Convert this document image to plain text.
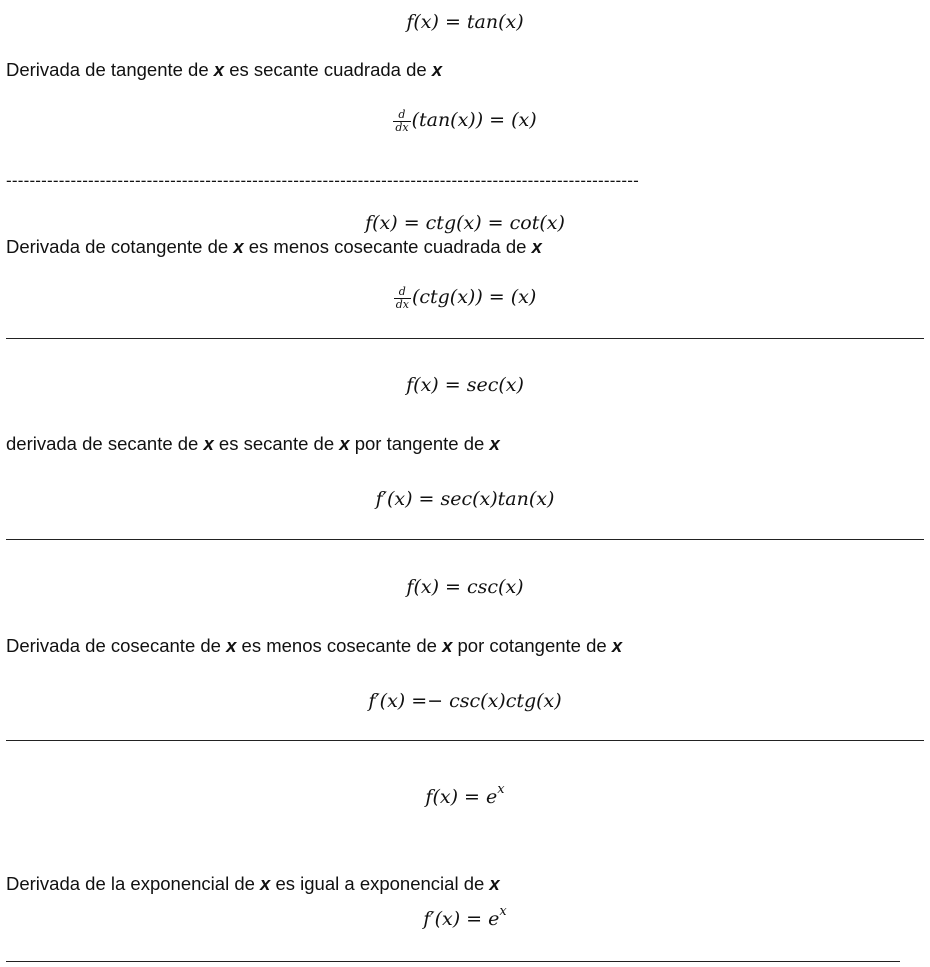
f(x) = tan(x)
Derivada de tangente de x es secante cuadrada de x
$\frac{d}{dx} (\tan(x)) = (x)$
------------------------------------------------------------------------------------------------------------
f(x) = ctg(x) = cot(x)
Derivada de cotangente de x es menos cosecante cuadrada de x
$\frac{d}{dx} (ctg(x)) = (x)$
f(x) = sec(x)
derivada de secante de x es secante de x por tangente de x
f′(x) = sec(x)tan(x)
f(x) = csc(x)
Derivada de cosecante de x es menos cosecante de x por cotangente de x
f′(x) =− csc(x)ctg(x)
$f(x) = e^x$
Derivada de la exponencial de x es igual a exponencial de x
$f'(x) = e^x$
